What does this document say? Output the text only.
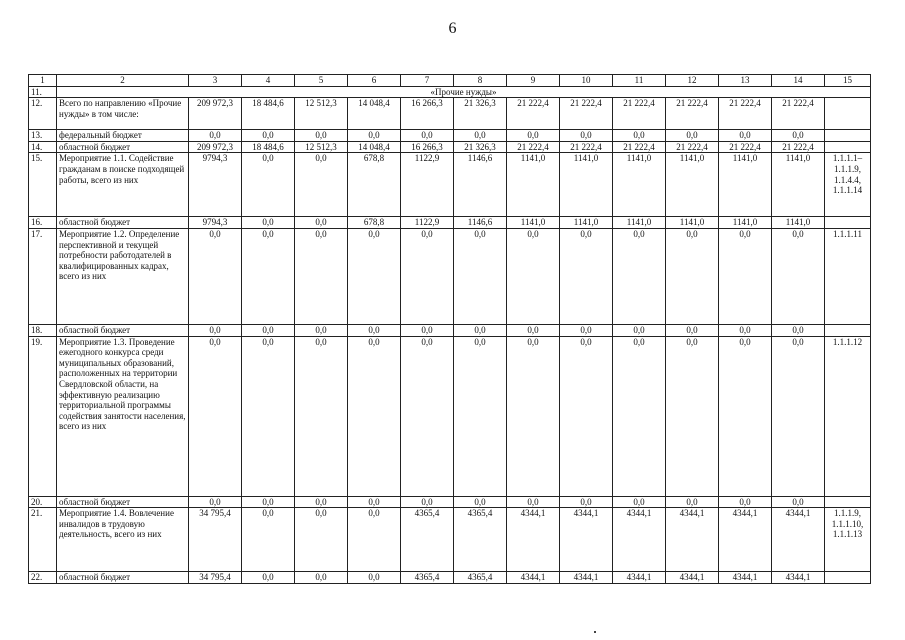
6
1	2	3	4	5	6	7	8	9	10	11	12	13	14	15
11.	«Прочие нужды»													
12.	Всего по направлению «Прочие нужды» в том числе:	209 972,3	18 484,6	12 512,3	14 048,4	16 266,3	21 326,3	21 222,4	21 222,4	21 222,4	21 222,4	21 222,4	21 222,4	
13.	федеральный бюджет	0,0	0,0	0,0	0,0	0,0	0,0	0,0	0,0	0,0	0,0	0,0	0,0	
14.	областной бюджет	209 972,3	18 484,6	12 512,3	14 048,4	16 266,3	21 326,3	21 222,4	21 222,4	21 222,4	21 222,4	21 222,4	21 222,4	
15.	Мероприятие 1.1. Содействие гражданам в поиске подходящей работы, всего из них	9794,3	0,0	0,0	678,8	1122,9	1146,6	1141,0	1141,0	1141,0	1141,0	1141,0	1141,0	1.1.1.1– 1.1.1.9, 1.1.4.4, 1.1.1.14
16.	областной бюджет	9794,3	0,0	0,0	678,8	1122,9	1146,6	1141,0	1141,0	1141,0	1141,0	1141,0	1141,0	
17.	Мероприятие 1.2. Определение перспективной и текущей потребности работодателей в квалифицированных кадрах, всего из них	0,0	0,0	0,0	0,0	0,0	0,0	0,0	0,0	0,0	0,0	0,0	0,0	1.1.1.11
18.	областной бюджет	0,0	0,0	0,0	0,0	0,0	0,0	0,0	0,0	0,0	0,0	0,0	0,0	
19.	Мероприятие 1.3. Проведение ежегодного конкурса среди муниципальных образований, расположенных на территории Свердловской области, на эффективную реализацию территориальной программы содействия занятости населения, всего из них	0,0	0,0	0,0	0,0	0,0	0,0	0,0	0,0	0,0	0,0	0,0	0,0	1.1.1.12
20.	областной бюджет	0,0	0,0	0,0	0,0	0,0	0,0	0,0	0,0	0,0	0,0	0,0	0,0	
21.	Мероприятие 1.4. Вовлечение инвалидов в трудовую деятельность, всего из них	34 795,4	0,0	0,0	0,0	4365,4	4365,4	4344,1	4344,1	4344,1	4344,1	4344,1	4344,1	1.1.1.9, 1.1.1.10, 1.1.1.13
22.	областной бюджет	34 795,4	0,0	0,0	0,0	4365,4	4365,4	4344,1	4344,1	4344,1	4344,1	4344,1	4344,1	
